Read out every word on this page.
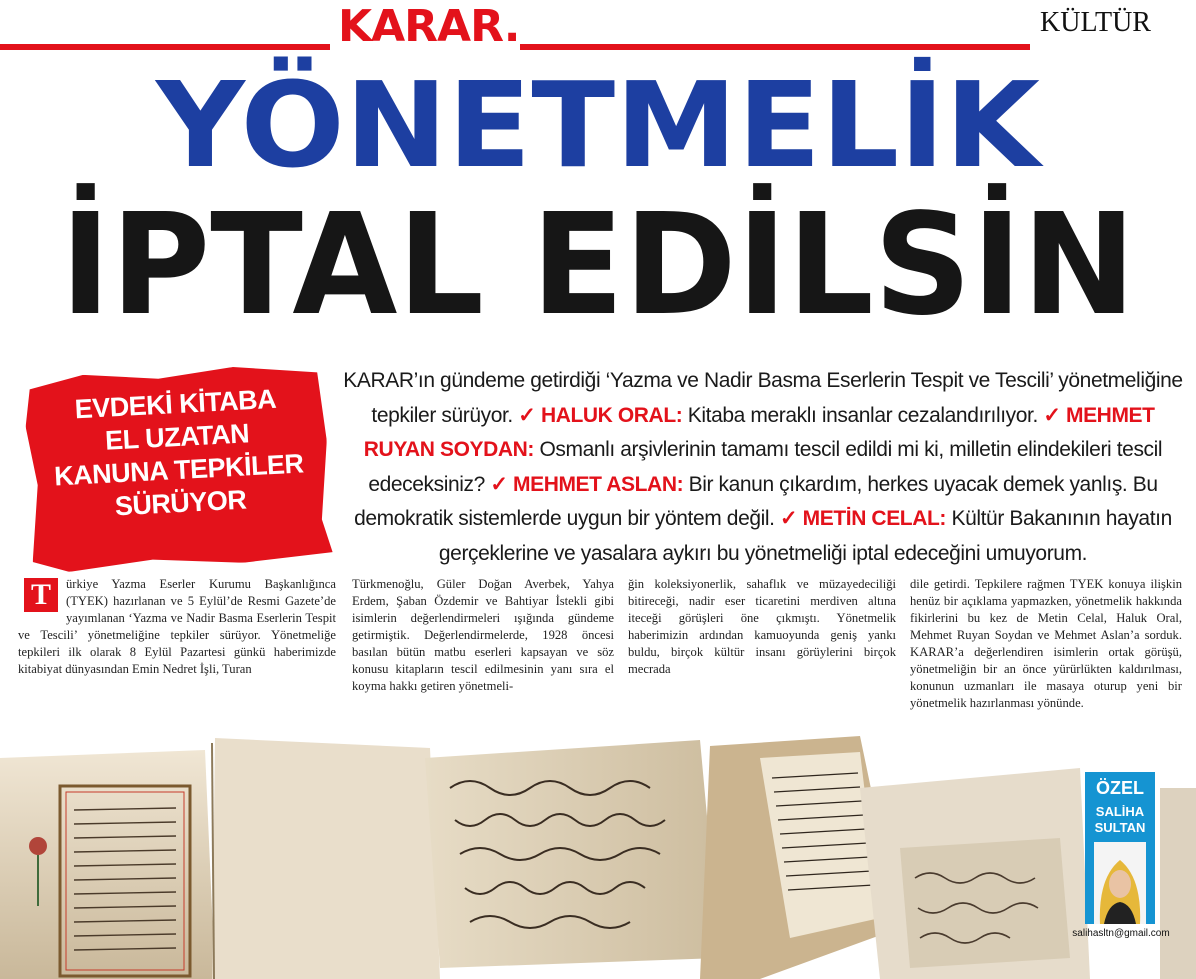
KARAR.	KÜLTÜR
YÖNETMELİK
İPTAL EDİLSİN
EVDEKİ KİTABA
EL UZATAN
KANUNA TEPKİLER
SÜRÜYOR
KARAR’ın gündeme getirdiği ‘Yazma ve Nadir Basma Eserlerin Tespit ve Tescili’ yönetmeliğine tepkiler sürüyor. ✓ HALUK ORAL: Kitaba meraklı insanlar cezalandırılıyor. ✓ MEHMET RUYAN SOYDAN: Osmanlı arşivlerinin tamamı tescil edildi mi ki, milletin elindekileri tescil edeceksiniz? ✓ MEHMET ASLAN: Bir kanun çıkardım, herkes uyacak demek yanlış. Bu demokratik sistemlerde uygun bir yöntem değil. ✓ METİN CELAL: Kültür Bakanının hayatın gerçeklerine ve yasalara aykırı bu yönetmeliği iptal edeceğini umuyorum.
T	ürkiye Yazma Eserler Kurumu Başkanlığınca (TYEK) hazırlanan ve 5 Eylül’de Resmi Gazete’de yayımlanan ‘Yazma ve Nadir Basma Eserlerin Tespit ve Tescili’ yönetmeliğine tepkiler sürüyor. Yönetmeliğe tepkileri ilk olarak 8 Eylül Pazartesi günkü haberimizde kitabiyat dünyasından Emin Nedret İşli, Turan
Türkmenoğlu, Güler Doğan Averbek, Yahya Erdem, Şaban Özdemir ve Bahtiyar İstekli gibi isimlerin değerlendirmeleri ışığında gündeme getirmiştik. Değerlendirmelerde, 1928 öncesi basılan bütün matbu eserleri kapsayan ve söz konusu kitapların tescil edilmesinin yanı sıra el koyma hakkı getiren yönetmeli-
ğin koleksiyonerlik, sahaflık ve müzayedeciliği bitireceği, nadir eser ticaretini merdiven altına iteceği görüşleri öne çıkmıştı. Yönetmelik haberimizin ardından kamuoyunda geniş yankı buldu, birçok kültür insanı görüylerini birçok mecrada
dile getirdi. Tepkilere rağmen TYEK konuya ilişkin henüz bir açıklama yapmazken, yönetmelik hakkında fikirlerini bu kez de Metin Celal, Haluk Oral, Mehmet Ruyan Soydan ve Mehmet Aslan’a sorduk. KARAR’a değerlendiren isimlerin ortak görüşü, yönetmeliğin bir an önce yürürlükten kaldırılması, konunun uzmanları ile masaya oturup yeni bir yönetmelik hazırlanması yönünde.
ÖZEL
SALİHA
SULTAN
salihasltn@gmail.com
